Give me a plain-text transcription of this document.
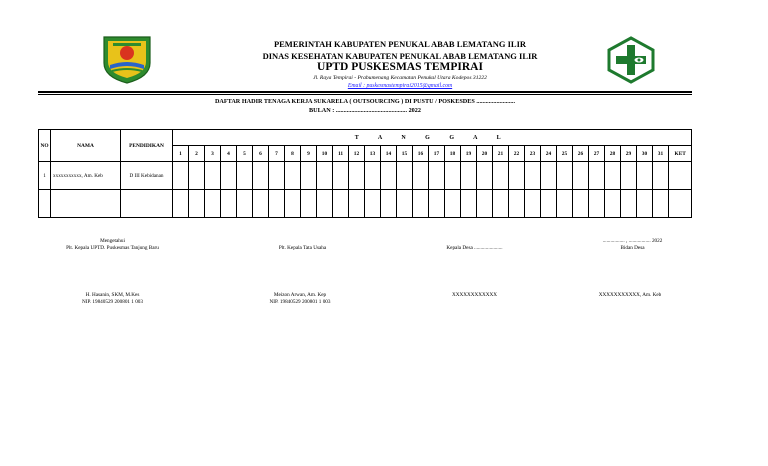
PEMERINTAH KABUPATEN PENUKAL ABAB LEMATANG ILIR
DINAS KESEHATAN KABUPATEN PENUKAL ABAB LEMATANG ILIR
UPTD PUSKESMAS TEMPIRAI
Jl. Raya Tempirai - Prabumenang Kecamatan Penukal Utara Kodepos 31222
Email : puskesmastempirai2015@gmail.com
DAFTAR HADIR TENAGA KERJA SUKARELA ( OUTSOURCING ) DI PUSTU / POSKESDES .........................
BULAN : .............................................. 2022
NO	NAMA	PENDIDIKAN	T A N G G A L																															
			1	2	3	4	5	6	7	8	9	10	11	12	13	14	15	16	17	18	19	20	21	22	23	24	25	26	27	28	29	30	31	KET
1	xxxxxxxxxxx, Am. Keb	D III Kebidanan																																

Mengetahui
Plt. Kepala UPTD. Puskesmas Tanjung Baru	Plt. Kepala Tata Usaha	Kepala Desa ......................
................. , ................. 2022
Bidan Desa
H. Hasanin, SKM, M.Kes
NIP. 19840529 200801 1 003
Meizon Arwan, Am. Kep
NIP. 19840529 200801 1 003
XXXXXXXXXXXX	XXXXXXXXXXX, Am. Keb
